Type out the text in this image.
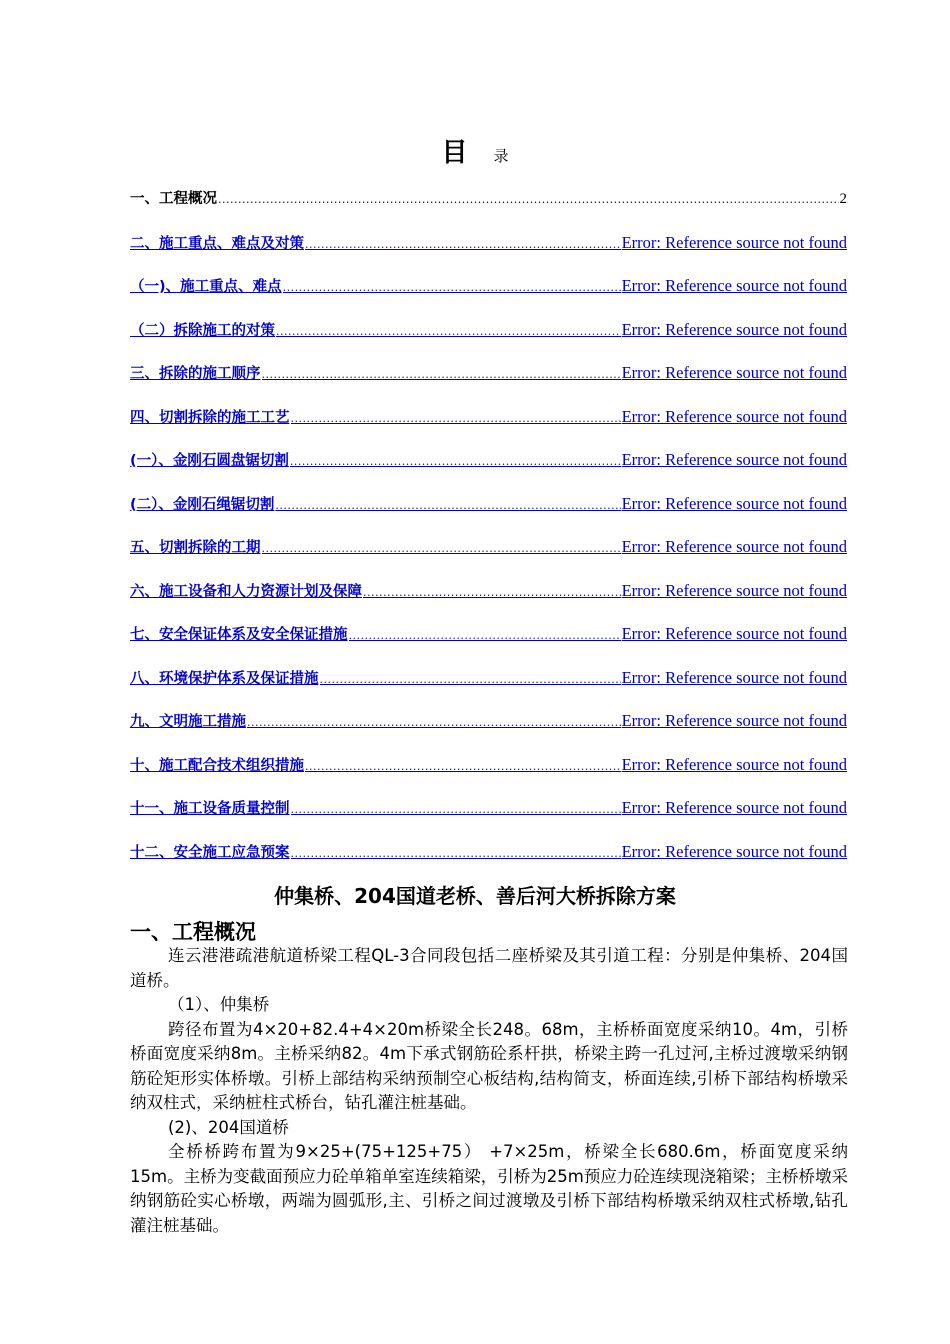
目 录
一、工程概况 .....	2
二、施工重点、难点及对策 .....	Error: Reference source not found
（一)、施工重点、难点 .....	Error: Reference source not found
（二）拆除施工的对策 .....	Error: Reference source not found
三、拆除的施工顺序 .....	Error: Reference source not found
四、切割拆除的施工工艺 .....	Error: Reference source not found
(一）、金刚石圆盘锯切割 .....	Error: Reference source not found
(二）、金刚石绳锯切割 .....	Error: Reference source not found
五、切割拆除的工期 .....	Error: Reference source not found
六、施工设备和人力资源计划及保障 .....	Error: Reference source not found
七、安全保证体系及安全保证措施 .....	Error: Reference source not found
八、环境保护体系及保证措施 .....	Error: Reference source not found
九、文明施工措施 .....	Error: Reference source not found
十、施工配合技术组织措施 .....	Error: Reference source not found
十一、施工设备质量控制 .....	Error: Reference source not found
十二、安全施工应急预案 .....	Error: Reference source not found
仲集桥、204国道老桥、善后河大桥拆除方案
一、工程概况

连云港港疏港航道桥梁工程QL-3合同段包括二座桥梁及其引道工程：分别是仲集桥、204国道桥。

（1）、仲集桥

跨径布置为4×20+82.4+4×20m桥梁全长248。68m，主桥桥面宽度采纳10。4m，引桥桥面宽度采纳8m。主桥采纳82。4m下承式钢筋砼系杆拱，桥梁主跨一孔过河,主桥过渡墩采纳钢筋砼矩形实体桥墩。引桥上部结构采纳预制空心板结构,结构简支，桥面连续,引桥下部结构桥墩采纳双柱式，采纳桩柱式桥台，钻孔灌注桩基础。

(2)、204国道桥

全桥桥跨布置为9×25+(75+125+75） +7×25m，桥梁全长680.6m，桥面宽度采纳15m。主桥为变截面预应力砼单箱单室连续箱梁，引桥为25m预应力砼连续现浇箱梁；主桥桥墩采纳钢筋砼实心桥墩，两端为圆弧形,主、引桥之间过渡墩及引桥下部结构桥墩采纳双柱式桥墩,钻孔灌注桩基础。
